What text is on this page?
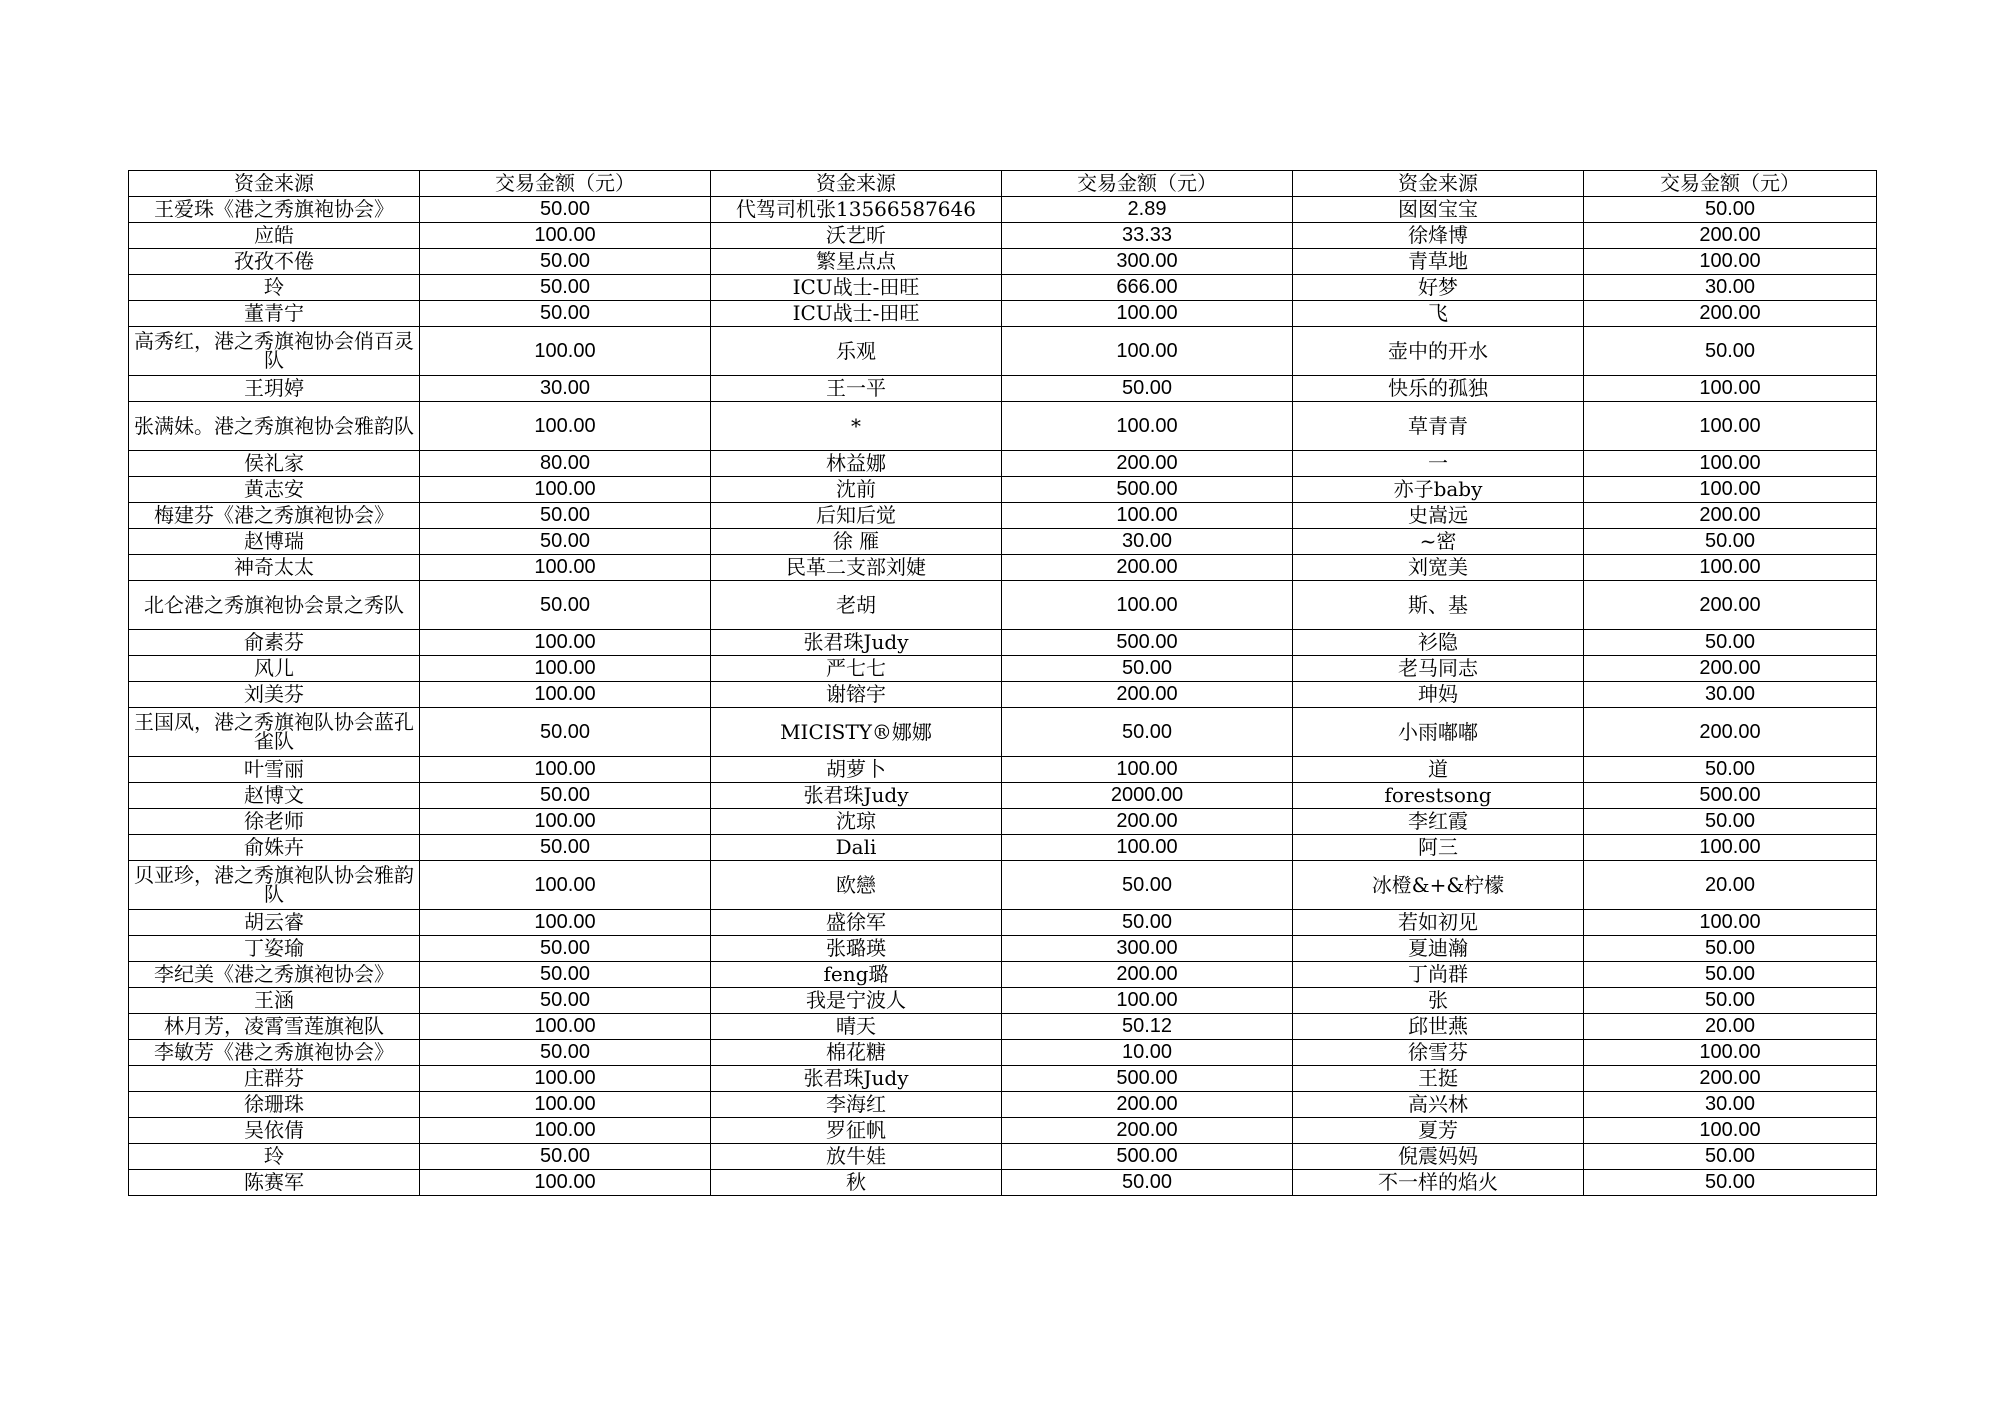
资金来源	交易金额（元）	资金来源	交易金额（元）	资金来源	交易金额（元）
王爱珠《港之秀旗袍协会》	50.00	代驾司机张13566587646	2.89	囡囡宝宝	50.00
应皓	100.00	沃艺昕	33.33	徐烽博	200.00
孜孜不倦	50.00	繁星点点	300.00	青草地	100.00
玲	50.00	ICU战士-田旺	666.00	好梦	30.00
董青宁	50.00	ICU战士-田旺	100.00	飞	200.00
高秀红，港之秀旗袍协会俏百灵队	100.00	乐观	100.00	壶中的开水	50.00
王玥婷	30.00	王一平	50.00	快乐的孤独	100.00
张满妹。港之秀旗袍协会雅韵队	100.00	*	100.00	草青青	100.00
侯礼家	80.00	林益娜	200.00	一	100.00
黄志安	100.00	沈前	500.00	亦子baby	100.00
梅建芬《港之秀旗袍协会》	50.00	后知后觉	100.00	史嵩远	200.00
赵博瑞	50.00	徐 雁	30.00	~密	50.00
神奇太太	100.00	民革二支部刘婕	200.00	刘宽美	100.00
北仑港之秀旗袍协会景之秀队	50.00	老胡	100.00	斯、基	200.00
俞素芬	100.00	张君珠Judy	500.00	衫隐	50.00
风儿	100.00	严七七	50.00	老马同志	200.00
刘美芬	100.00	谢镕宇	200.00	珅妈	30.00
王国凤，港之秀旗袍队协会蓝孔雀队	50.00	MICISTY®娜娜	50.00	小雨嘟嘟	200.00
叶雪丽	100.00	胡萝卜	100.00	道	50.00
赵博文	50.00	张君珠Judy	2000.00	forestsong	500.00
徐老师	100.00	沈琼	200.00	李红霞	50.00
俞姝卉	50.00	Dali	100.00	阿三	100.00
贝亚珍，港之秀旗袍队协会雅韵队	100.00	欧戀	50.00	冰橙&+&柠檬	20.00
胡云睿	100.00	盛徐军	50.00	若如初见	100.00
丁姿瑜	50.00	张璐瑛	300.00	夏迪瀚	50.00
李纪美《港之秀旗袍协会》	50.00	feng璐	200.00	丁尚群	50.00
王涵	50.00	我是宁波人	100.00	张	50.00
林月芳，凌霄雪莲旗袍队	100.00	晴天	50.12	邱世燕	20.00
李敏芳《港之秀旗袍协会》	50.00	棉花糖	10.00	徐雪芬	100.00
庄群芬	100.00	张君珠Judy	500.00	王挺	200.00
徐珊珠	100.00	李海红	200.00	高兴林	30.00
吴依倩	100.00	罗征帆	200.00	夏芳	100.00
玲	50.00	放牛娃	500.00	倪震妈妈	50.00
陈赛军	100.00	秋	50.00	不一样的焰火	50.00
